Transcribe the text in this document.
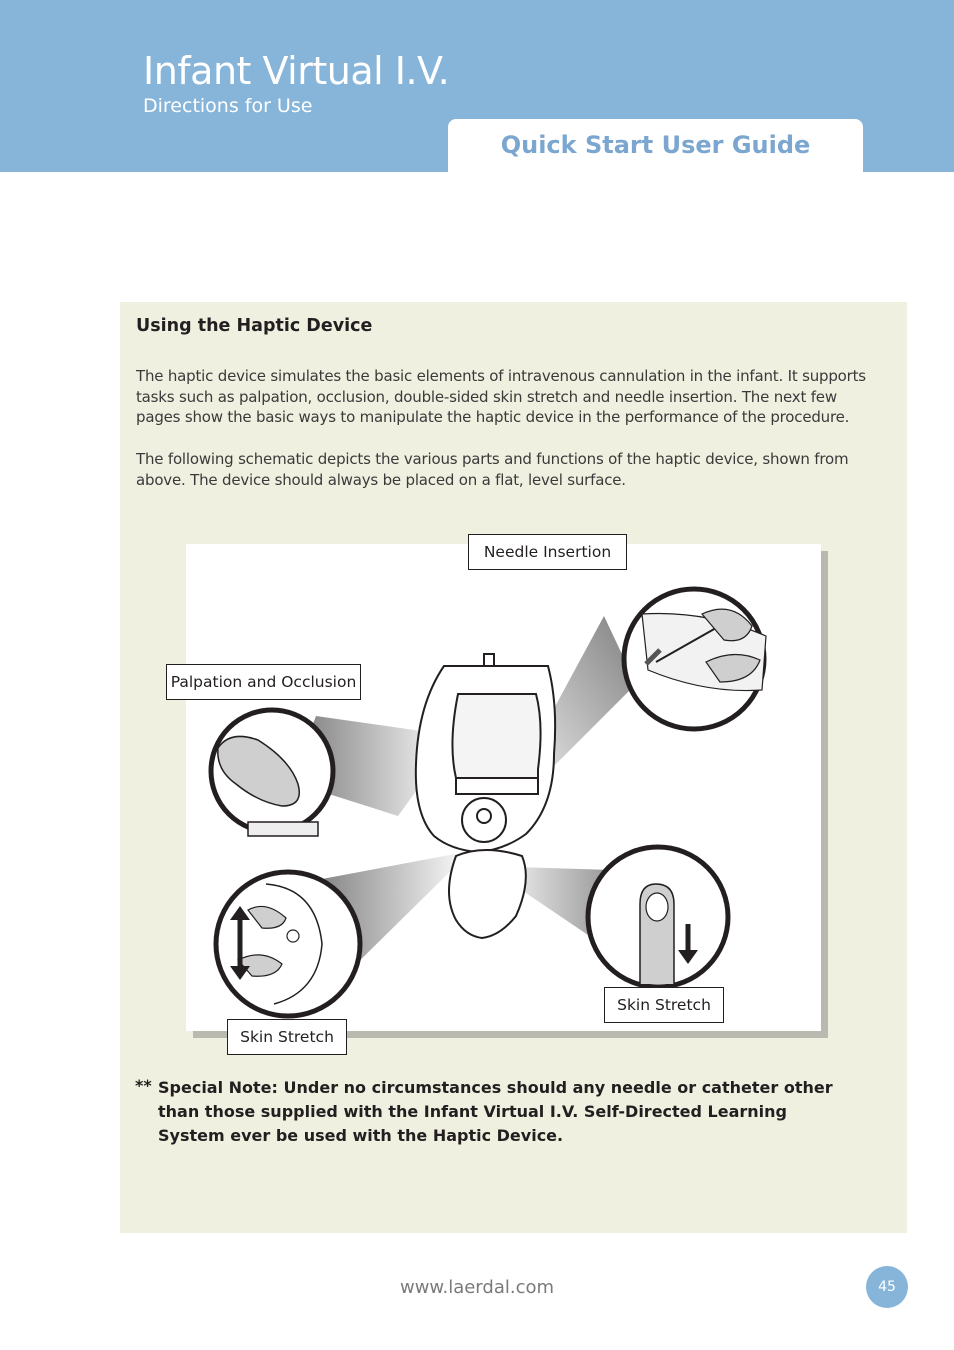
Infant Virtual I.V.
Directions for Use
Quick Start User Guide
Using the Haptic Device
The haptic device simulates the basic elements of intravenous cannulation in the infant. It supports tasks such as palpation, occlusion, double-sided skin stretch and needle insertion. The next few pages show the basic ways to manipulate the haptic device in the performance of the procedure.
The following schematic depicts the various parts and functions of the haptic device, shown from above. The device should always be placed on a flat, level surface.
Needle Insertion
Palpation and Occlusion
Skin Stretch
Skin Stretch
** Special Note: Under no circumstances should any needle or catheter other than those supplied with the Infant Virtual I.V. Self-Directed Learning System ever be used with the Haptic Device.
www.laerdal.com	45
